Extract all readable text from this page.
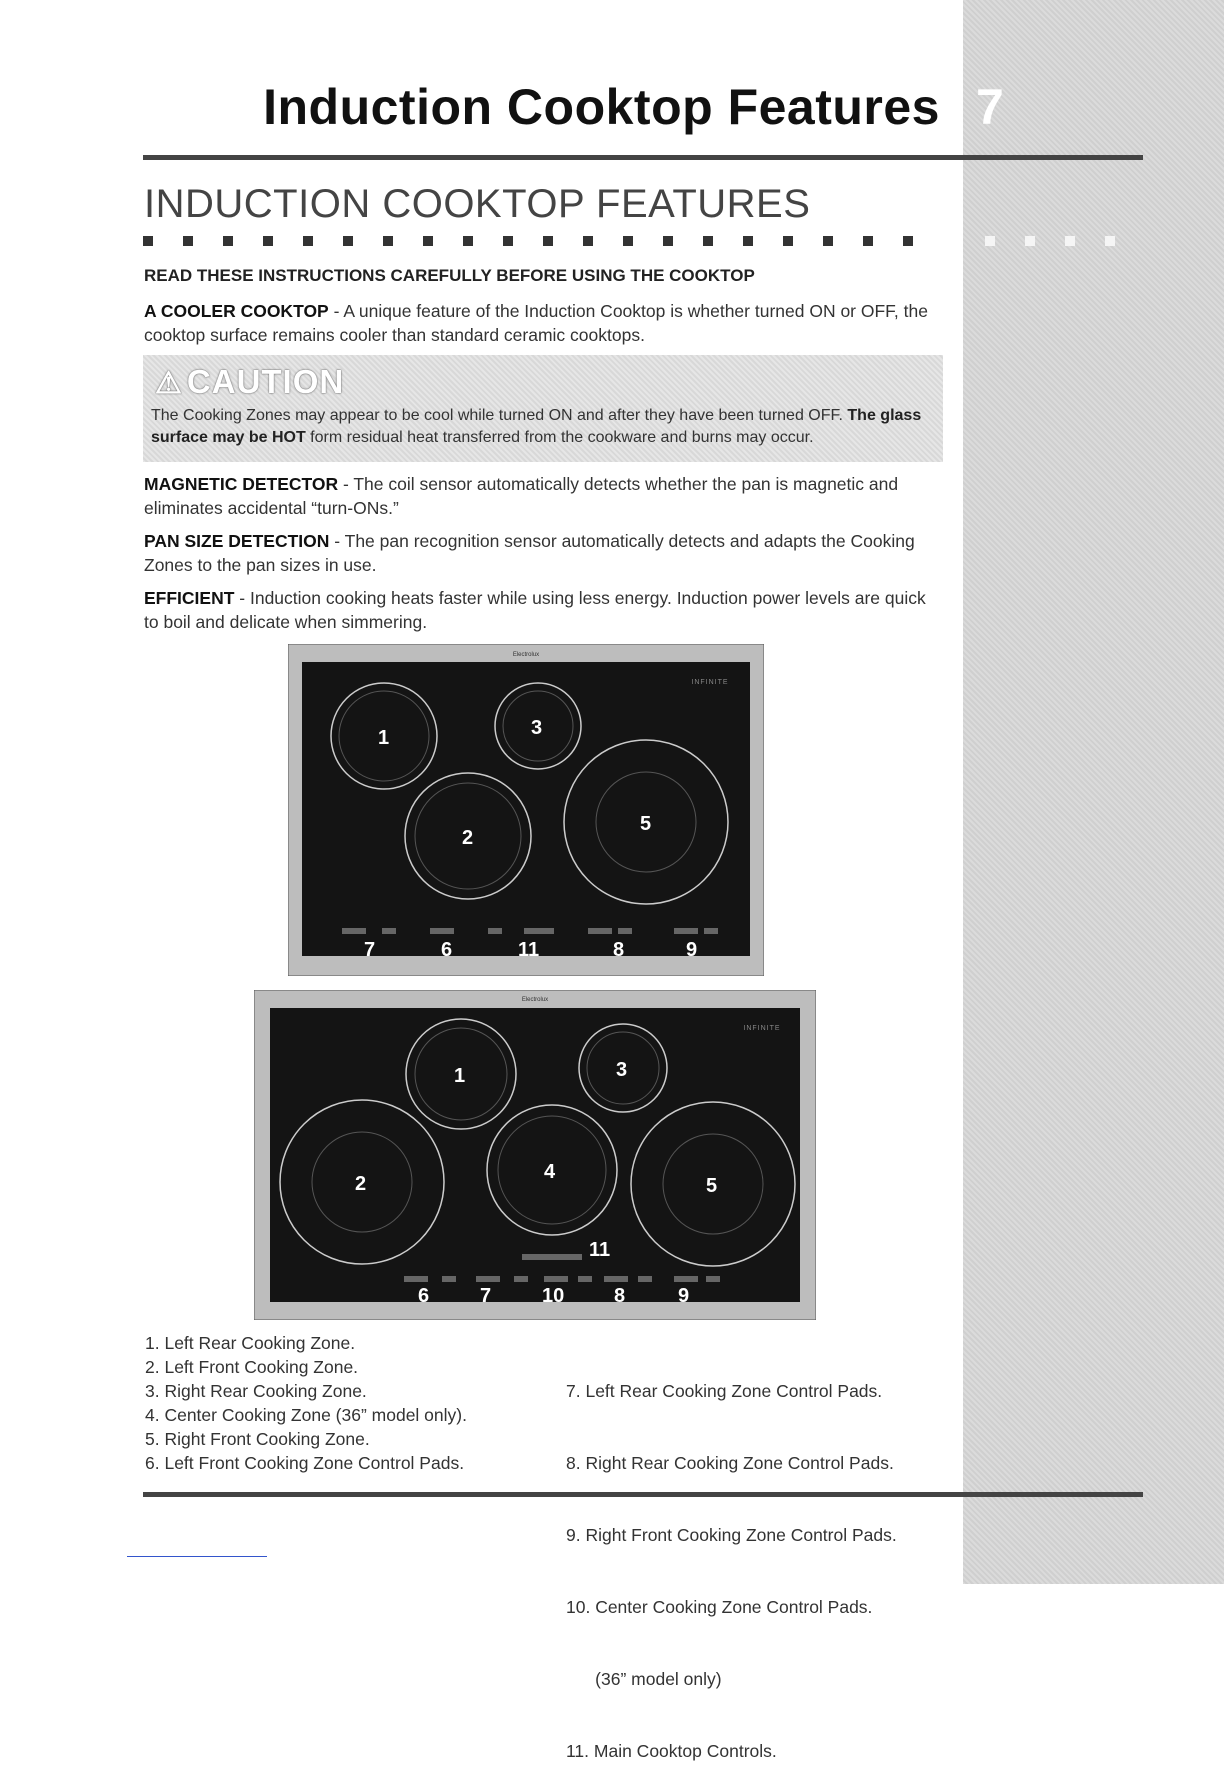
Induction Cooktop Features 7
INDUCTION COOKTOP FEATURES
READ THESE INSTRUCTIONS CAREFULLY BEFORE USING THE COOKTOP
A COOLER COOKTOP - A unique feature of the Induction Cooktop is whether turned ON or OFF, the cooktop surface remains cooler than standard ceramic cooktops.
⚠ CAUTION
The Cooking Zones may appear to be cool while turned ON and after they have been turned OFF. The glass surface may be HOT form residual heat transferred from the cookware and burns may occur.
MAGNETIC DETECTOR - The coil sensor automatically detects whether the pan is magnetic and eliminates accidental “turn-ONs.”
PAN SIZE DETECTION - The pan recognition sensor automatically detects and adapts the Cooking Zones to the pan sizes in use.
EFFICIENT - Induction cooking heats faster while using less energy. Induction power levels are quick to boil and delicate when simmering.
Electrolux
INFINITE
1	3
2
5
7	6	11	8	9
Electrolux
INFINITE
1	3
2
4
5
11
6	7	10 8	9
1. Left Rear Cooking Zone.
2. Left Front Cooking Zone.
3. Right Rear Cooking Zone.
4. Center Cooking Zone (36” model only).
5. Right Front Cooking Zone.
6. Left Front Cooking Zone Control Pads.

7. Left Rear Cooking Zone Control Pads.

8. Right Rear Cooking Zone Control Pads.

9. Right Front Cooking Zone Control Pads.

10. Center Cooking Zone Control Pads.

(36” model only)

11. Main Cooktop Controls.
